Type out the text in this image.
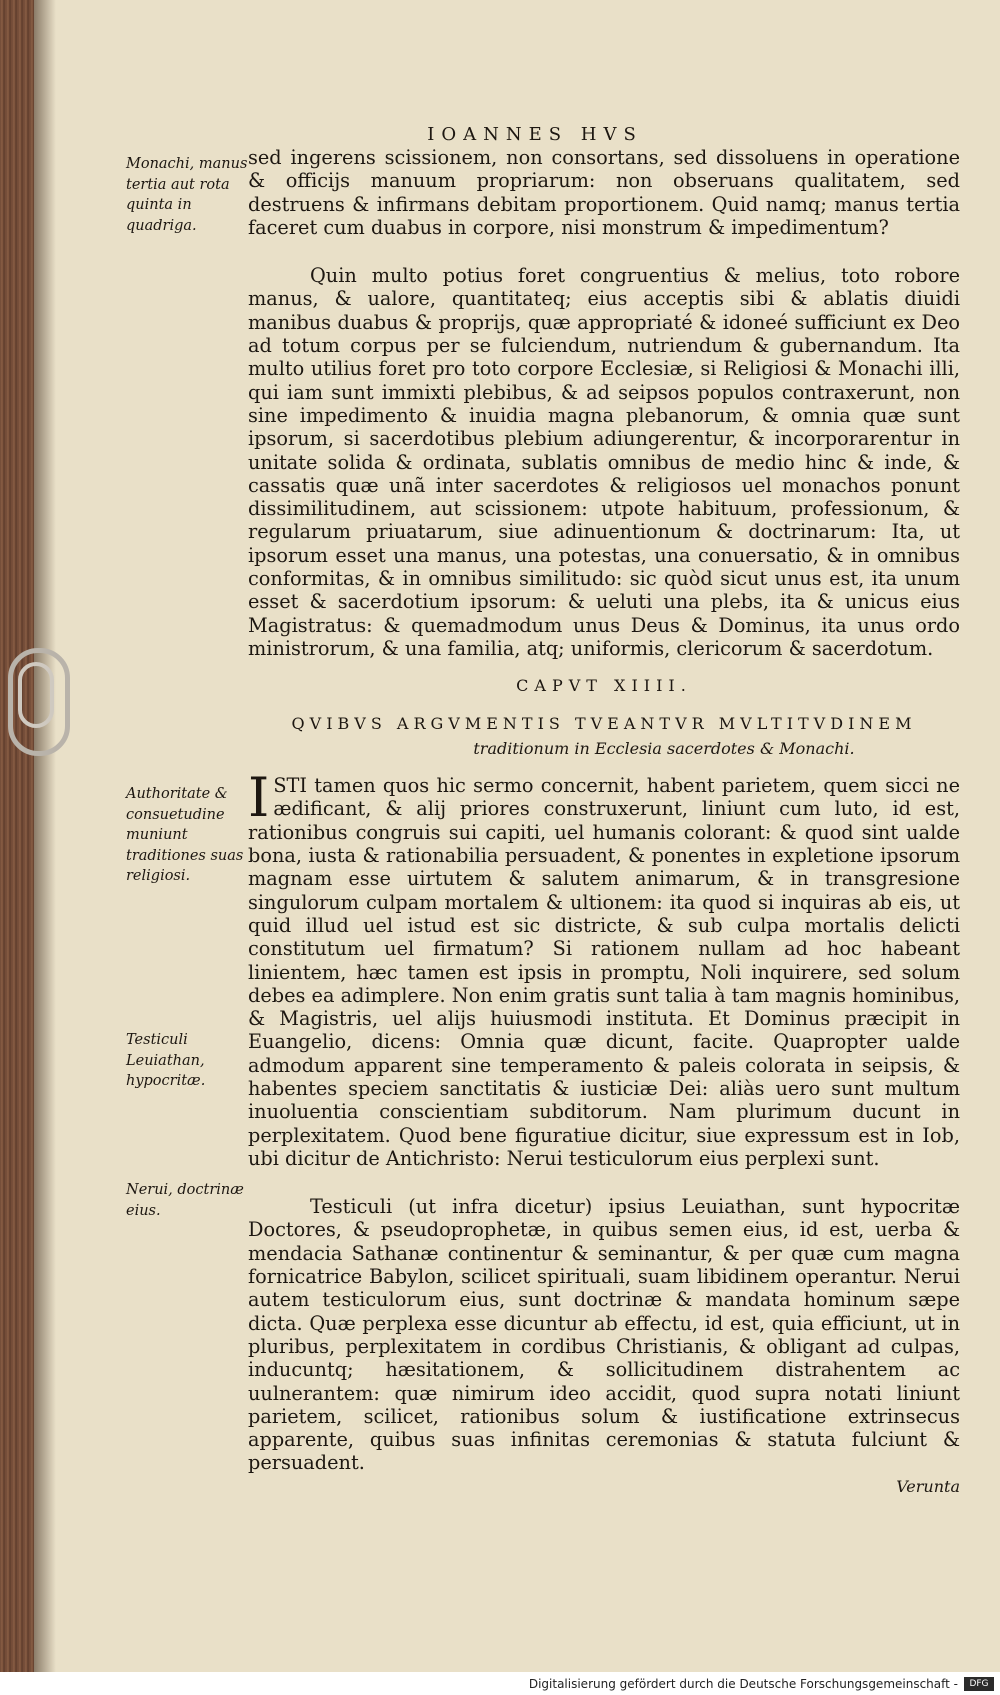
IOANNES HVS
Monachi, manus tertia aut rota quinta in quadriga.
Authoritate & consuetudine muniunt traditiones suas religiosi.
Testiculi Leuiathan, hypocritæ.
Nerui, doctrinæ eius.

sed ingerens scissionem, non consortans, sed dissoluens in operatione & officijs manuum propriarum: non obseruans qualitatem, sed destruens & infirmans debitam proportionem. Quid namq; manus tertia faceret cum duabus in corpore, nisi monstrum & impedimentum?

Quin multo potius foret congruentius & melius, toto robore manus, & ualore, quantitateq; eius acceptis sibi & ablatis diuidi manibus duabus & proprijs, quæ appropriaté & idoneé sufficiunt ex Deo ad totum corpus per se fulciendum, nutriendum & gubernandum. Ita multo utilius foret pro toto corpore Ecclesiæ, si Religiosi & Monachi illi, qui iam sunt immixti plebibus, & ad seipsos populos contraxerunt, non sine impedimento & inuidia magna plebanorum, & omnia quæ sunt ipsorum, si sacerdotibus plebium adiungerentur, & incorporarentur in unitate solida & ordinata, sublatis omnibus de medio hinc & inde, & cassatis quæ unã inter sacerdotes & religiosos uel monachos ponunt dissimilitudinem, aut scissionem: utpote habituum, professionum, & regularum priuatarum, siue adinuentionum & doctrinarum: Ita, ut ipsorum esset una manus, una potestas, una conuersatio, & in omnibus conformitas, & in omnibus similitudo: sic quòd sicut unus est, ita unum esset & sacerdotium ipsorum: & ueluti una plebs, ita & unicus eius Magistratus: & quemadmodum unus Deus & Dominus, ita unus ordo ministrorum, & una familia, atq; uniformis, clericorum & sacerdotum.

CAPVT XIIII.
QVIBVS ARGVMENTIS TVEANTVR MVLTITVDINEM
traditionum in Ecclesia sacerdotes & Monachi.

ISTI tamen quos hic sermo concernit, habent parietem, quem sicci ne ædificant, & alij priores construxerunt, liniunt cum luto, id est, rationibus congruis sui capiti, uel humanis colorant: & quod sint ualde bona, iusta & rationabilia persuadent, & ponentes in expletione ipsorum magnam esse uirtutem & salutem animarum, & in transgresione singulorum culpam mortalem & ultionem: ita quod si inquiras ab eis, ut quid illud uel istud est sic districte, & sub culpa mortalis delicti constitutum uel firmatum? Si rationem nullam ad hoc habeant linientem, hæc tamen est ipsis in promptu, Noli inquirere, sed solum debes ea adimplere. Non enim gratis sunt talia à tam magnis hominibus, & Magistris, uel alijs huiusmodi instituta. Et Dominus præcipit in Euangelio, dicens: Omnia quæ dicunt, facite. Quapropter ualde admodum apparent sine temperamento & paleis colorata in seipsis, & habentes speciem sanctitatis & iusticiæ Dei: aliàs uero sunt multum inuoluentia conscientiam subditorum. Nam plurimum ducunt in perplexitatem. Quod bene figuratiue dicitur, siue expressum est in Iob, ubi dicitur de Antichristo: Nerui testiculorum eius perplexi sunt.

Testiculi (ut infra dicetur) ipsius Leuiathan, sunt hypocritæ Doctores, & pseudoprophetæ, in quibus semen eius, id est, uerba & mendacia Sathanæ continentur & seminantur, & per quæ cum magna fornicatrice Babylon, scilicet spirituali, suam libidinem operantur. Nerui autem testiculorum eius, sunt doctrinæ & mandata hominum sæpe dicta. Quæ perplexa esse dicuntur ab effectu, id est, quia efficiunt, ut in pluribus, perplexitatem in cordibus Christianis, & obligant ad culpas, inducuntq; hæsitationem, & sollicitudinem distrahentem ac uulnerantem: quæ nimirum ideo accidit, quod supra notati liniunt parietem, scilicet, rationibus solum & iustificatione extrinsecus apparente, quibus suas infinitas ceremonias & statuta fulciunt & persuadent.

Verunta
Digitalisierung gefördert durch die Deutsche Forschungsgemeinschaft -	DFG
